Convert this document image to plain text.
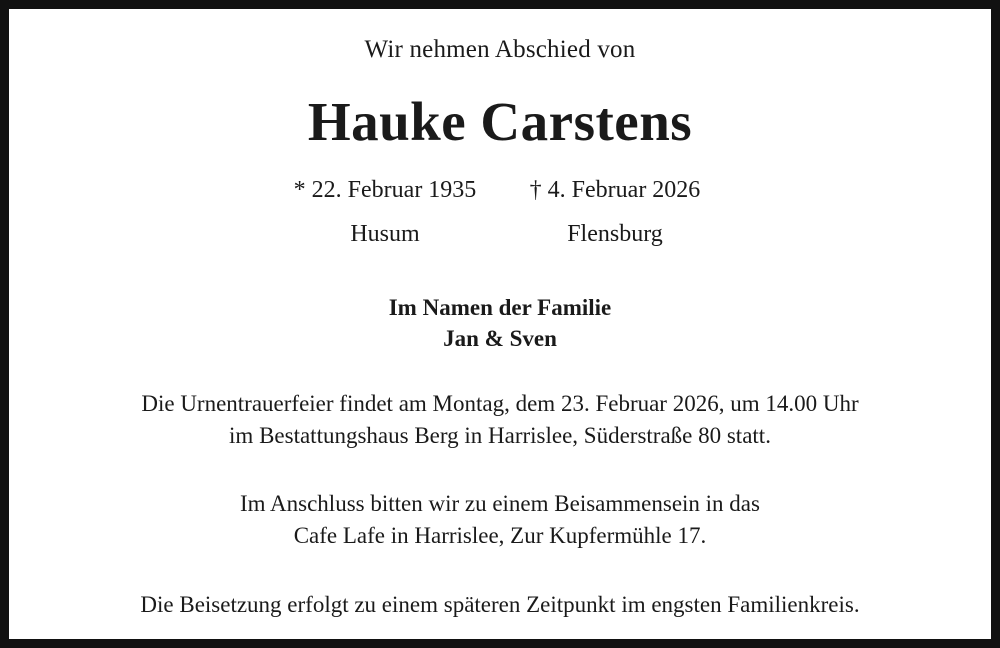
Wir nehmen Abschied von
Hauke Carstens
* 22. Februar 1935	† 4. Februar 2026
Husum	Flensburg
Im Namen der Familie
Jan & Sven
Die Urnentrauerfeier findet am Montag, dem 23. Februar 2026, um 14.00 Uhr
im Bestattungshaus Berg in Harrislee, Süderstraße 80 statt.
Im Anschluss bitten wir zu einem Beisammensein in das
Cafe Lafe in Harrislee, Zur Kupfermühle 17.
Die Beisetzung erfolgt zu einem späteren Zeitpunkt im engsten Familienkreis.
